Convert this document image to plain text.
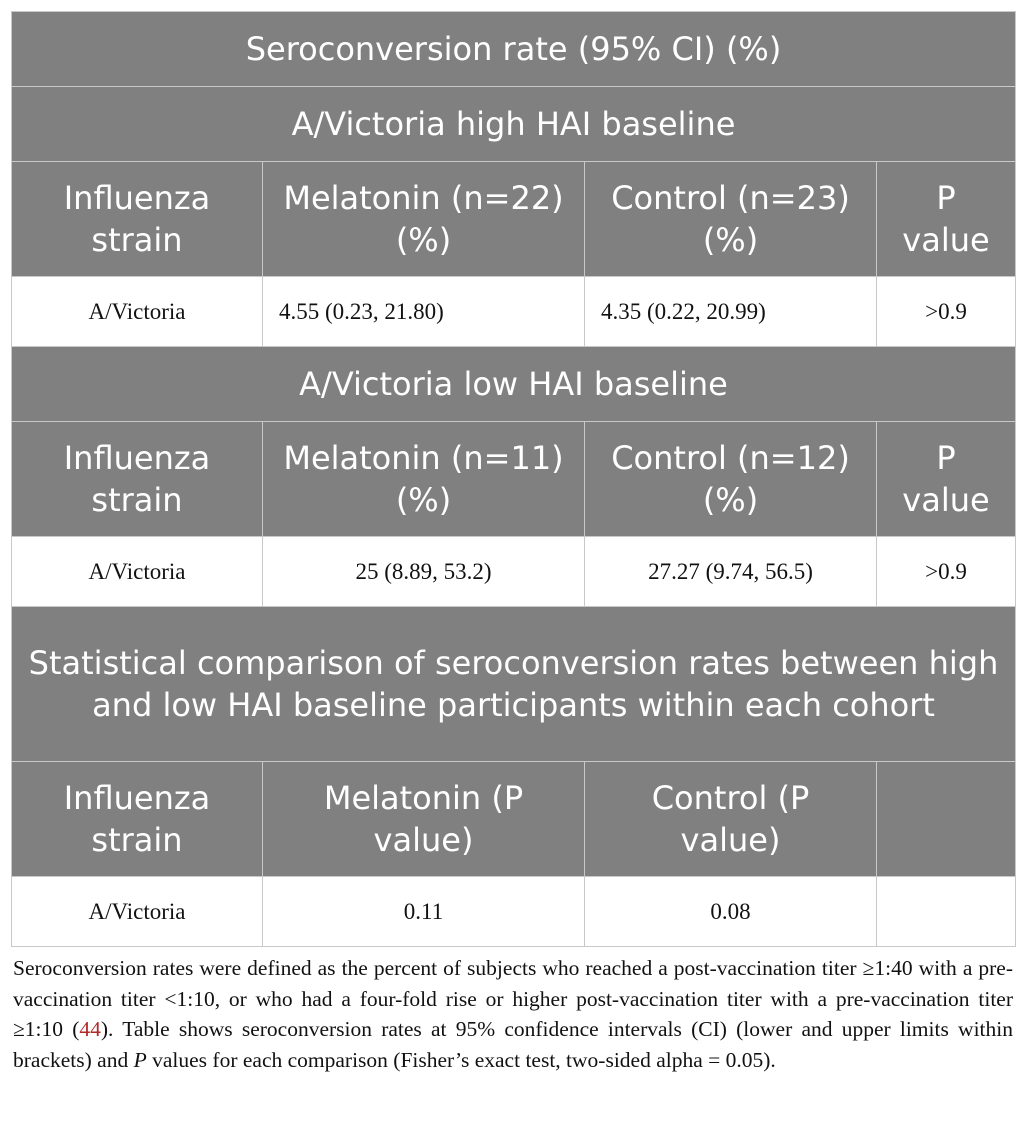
Seroconversion rate (95% CI) (%)			
A/Victoria high HAI baseline			
Influenza strain	Melatonin (n=22) (%)	Control (n=23) (%)	P value
A/Victoria	4.55 (0.23, 21.80)	4.35 (0.22, 20.99)	>0.9
A/Victoria low HAI baseline			
Influenza strain	Melatonin (n=11) (%)	Control (n=12) (%)	P value
A/Victoria	25 (8.89, 53.2)	27.27 (9.74, 56.5)	>0.9
Statistical comparison of seroconversion rates between high and low HAI baseline participants within each cohort			
Influenza strain	Melatonin (P value)	Control (P value)	
A/Victoria	0.11	0.08	

Seroconversion rates were defined as the percent of subjects who reached a post-vaccination titer ≥1:40 with a pre-vaccination titer <1:10, or who had a four-fold rise or higher post-vaccination titer with a pre-vaccination titer ≥1:10 (44). Table shows seroconversion rates at 95% confidence intervals (CI) (lower and upper limits within brackets) and P values for each comparison (Fisher’s exact test, two-sided alpha = 0.05).
